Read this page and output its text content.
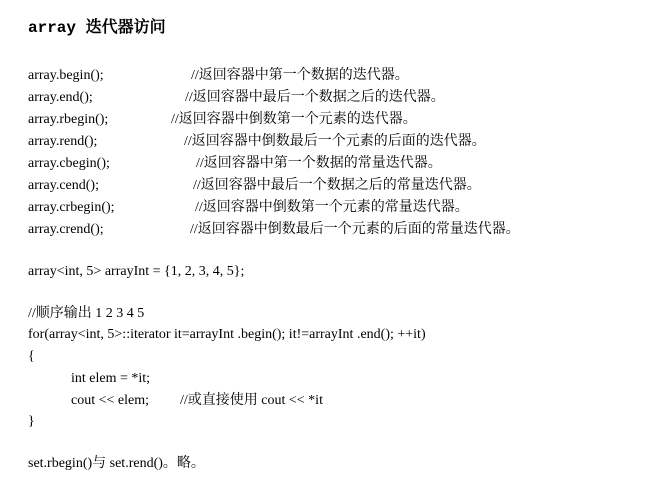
array 迭代器访问
array.begin();	//返回容器中第一个数据的迭代器。
array.end();	//返回容器中最后一个数据之后的迭代器。
array.rbegin();	//返回容器中倒数第一个元素的迭代器。
array.rend();	//返回容器中倒数最后一个元素的后面的迭代器。
array.cbegin();	//返回容器中第一个数据的常量迭代器。
array.cend();	//返回容器中最后一个数据之后的常量迭代器。
array.crbegin();	//返回容器中倒数第一个元素的常量迭代器。
array.crend();	//返回容器中倒数最后一个元素的后面的常量迭代器。
array<int, 5> arrayInt = {1, 2, 3, 4, 5};
//顺序输出 1 2 3 4 5
for(array<int, 5>::iterator it=arrayInt .begin(); it!=arrayInt .end(); ++it)
{
int elem = *it;
cout << elem; //或直接使用 cout << *it
}
set.rbegin()与 set.rend()。略。
